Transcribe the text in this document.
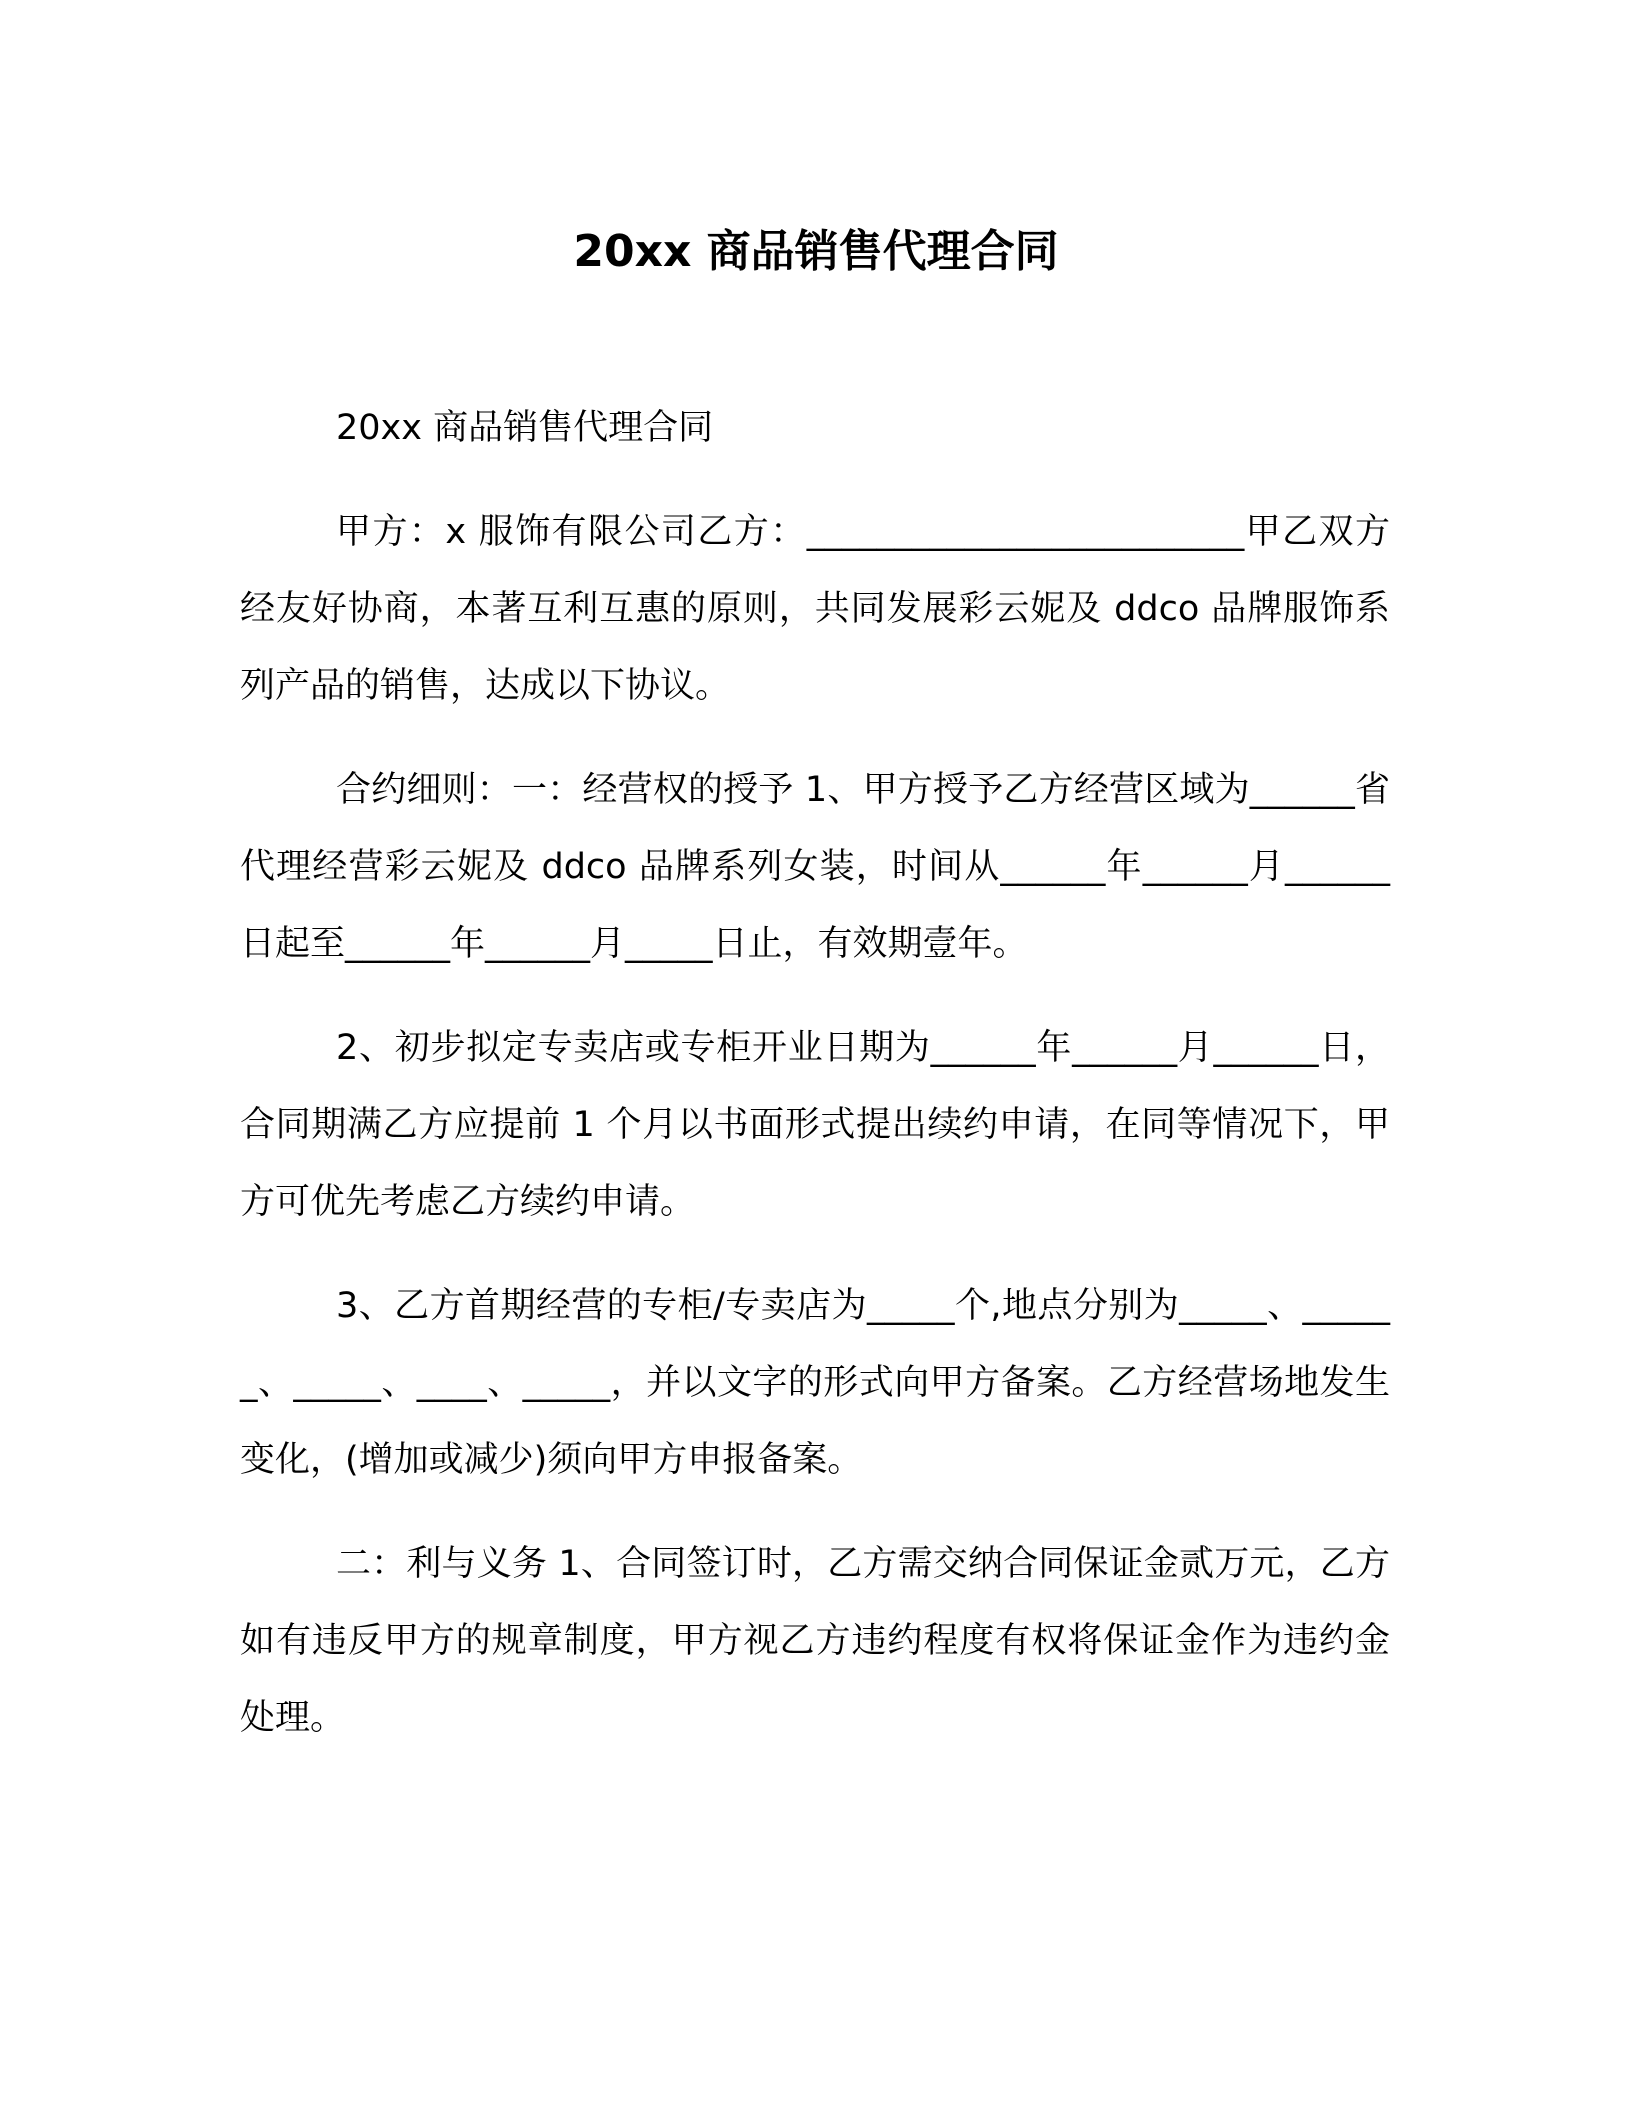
20xx 商品销售代理合同

20xx 商品销售代理合同

甲方：x 服饰有限公司乙方：_________________________甲乙双方经友好协商，本著互利互惠的原则，共同发展彩云妮及 ddco 品牌服饰系列产品的销售，达成以下协议。

合约细则：一：经营权的授予 1、甲方授予乙方经营区域为______省代理经营彩云妮及 ddco 品牌系列女装，时间从______年______月______日起至______年______月_____日止，有效期壹年。

2、初步拟定专卖店或专柜开业日期为______年______月______日，合同期满乙方应提前 1 个月以书面形式提出续约申请，在同等情况下，甲方可优先考虑乙方续约申请。

3、乙方首期经营的专柜/专卖店为_____个,地点分别为_____、______、_____、____、_____，并以文字的形式向甲方备案。乙方经营场地发生变化，(增加或减少)须向甲方申报备案。

二：利与义务 1、合同签订时，乙方需交纳合同保证金贰万元，乙方如有违反甲方的规章制度，甲方视乙方违约程度有权将保证金作为违约金处理。
